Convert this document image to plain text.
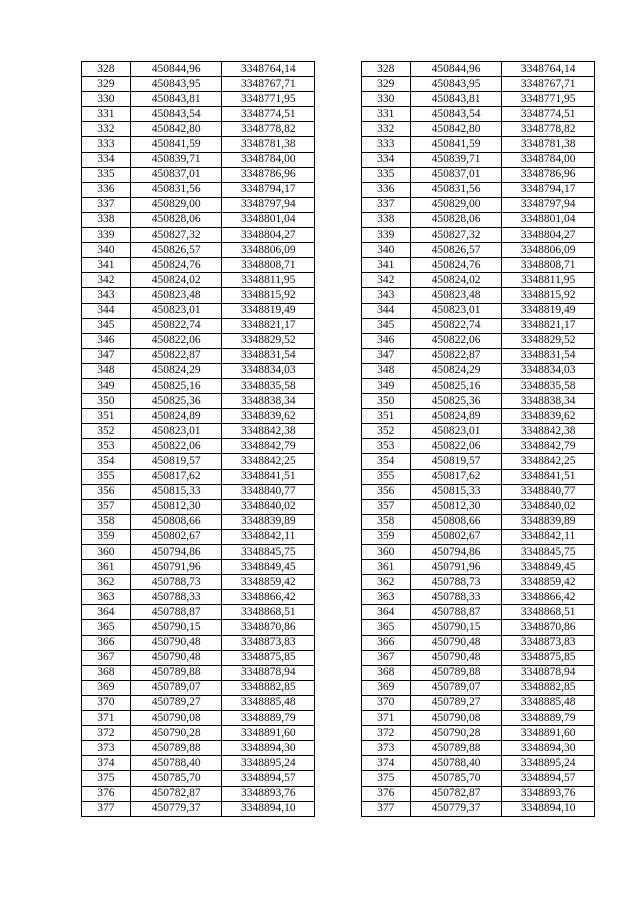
328	450844,96	3348764,14		328	450844,96	3348764,14
329	450843,95	3348767,71		329	450843,95	3348767,71
330	450843,81	3348771,95		330	450843,81	3348771,95
331	450843,54	3348774,51		331	450843,54	3348774,51
332	450842,80	3348778,82		332	450842,80	3348778,82
333	450841,59	3348781,38		333	450841,59	3348781,38
334	450839,71	3348784,00		334	450839,71	3348784,00
335	450837,01	3348786,96		335	450837,01	3348786,96
336	450831,56	3348794,17		336	450831,56	3348794,17
337	450829,00	3348797,94		337	450829,00	3348797,94
338	450828,06	3348801,04		338	450828,06	3348801,04
339	450827,32	3348804,27		339	450827,32	3348804,27
340	450826,57	3348806,09		340	450826,57	3348806,09
341	450824,76	3348808,71		341	450824,76	3348808,71
342	450824,02	3348811,95		342	450824,02	3348811,95
343	450823,48	3348815,92		343	450823,48	3348815,92
344	450823,01	3348819,49		344	450823,01	3348819,49
345	450822,74	3348821,17		345	450822,74	3348821,17
346	450822,06	3348829,52		346	450822,06	3348829,52
347	450822,87	3348831,54		347	450822,87	3348831,54
348	450824,29	3348834,03		348	450824,29	3348834,03
349	450825,16	3348835,58		349	450825,16	3348835,58
350	450825,36	3348838,34		350	450825,36	3348838,34
351	450824,89	3348839,62		351	450824,89	3348839,62
352	450823,01	3348842,38		352	450823,01	3348842,38
353	450822,06	3348842,79		353	450822,06	3348842,79
354	450819,57	3348842,25		354	450819,57	3348842,25
355	450817,62	3348841,51		355	450817,62	3348841,51
356	450815,33	3348840,77		356	450815,33	3348840,77
357	450812,30	3348840,02		357	450812,30	3348840,02
358	450808,66	3348839,89		358	450808,66	3348839,89
359	450802,67	3348842,11		359	450802,67	3348842,11
360	450794,86	3348845,75		360	450794,86	3348845,75
361	450791,96	3348849,45		361	450791,96	3348849,45
362	450788,73	3348859,42		362	450788,73	3348859,42
363	450788,33	3348866,42		363	450788,33	3348866,42
364	450788,87	3348868,51		364	450788,87	3348868,51
365	450790,15	3348870,86		365	450790,15	3348870,86
366	450790,48	3348873,83		366	450790,48	3348873,83
367	450790,48	3348875,85		367	450790,48	3348875,85
368	450789,88	3348878,94		368	450789,88	3348878,94
369	450789,07	3348882,85		369	450789,07	3348882,85
370	450789,27	3348885,48		370	450789,27	3348885,48
371	450790,08	3348889,79		371	450790,08	3348889,79
372	450790,28	3348891,60		372	450790,28	3348891,60
373	450789,88	3348894,30		373	450789,88	3348894,30
374	450788,40	3348895,24		374	450788,40	3348895,24
375	450785,70	3348894,57		375	450785,70	3348894,57
376	450782,87	3348893,76		376	450782,87	3348893,76
377	450779,37	3348894,10		377	450779,37	3348894,10
